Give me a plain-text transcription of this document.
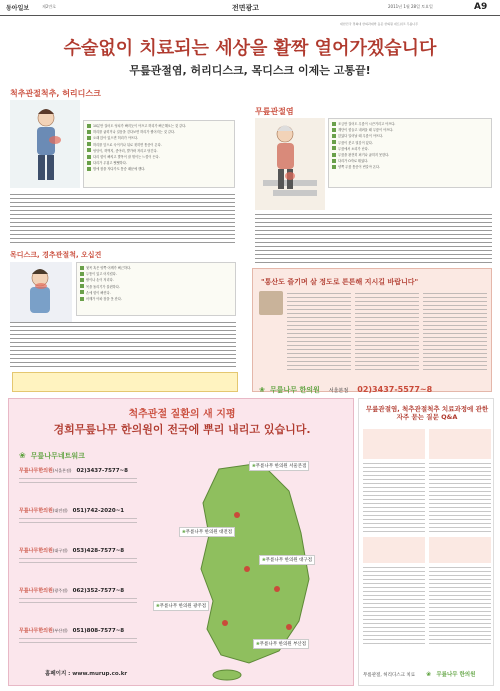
동아일보	제2만호	전면광고	2011년 1월 28일 토요일	A9
대한민국 경희대 한의과대학 동문 한의원 네트워크 무릎나무
수술없이 치료되는 세상을 활짝 열어가겠습니다
무릎관절염, 허리디스크, 목디스크 이제는 고통끝!
척추관절척추, 허리디스크
10분만 걸어도 엉치가 빠지듯이 아프고 허리가 뻐근해오는 것 같다.
허리를 굽히거나 걸음을 걷다보면 허리가 찢어지는 것 같다.
오래 앉아 있으면 허리가 아프다.
허리를 앞으로 숙이거나 뒤로 젖히면 통증이 온다.
엉덩이, 허벅지, 종아리, 발가락 저리고 당긴다.
다리 힘이 빠지고 발목이 잘 꺾이는 느낌이 든다.
다리가 무겁고 뻣뻣하다.
밤에 잠을 자다가도 통증 때문에 깬다.
무릎관절염
조금만 걸어도 무릎이 시큰거리고 아프다.
계단이 힘들고 내려올 때 무릎이 아프다.
앉았다 일어날 때 무릎이 아프다.
무릎이 붓고 열감이 있다.
무릎에서 소리가 난다.
무릎을 완전히 펴거나 굽히지 못한다.
다리가 O자로 휘었다.
양쪽 무릎 통증이 번갈아 온다.
목디스크, 경추관절척, 오십견
뒷목 혹은 양쪽 어깨가 뻐근하다.
두통이 있고 어지럽다.
팔이나 손이 저리다.
목을 돌리기가 불편하다.
손에 힘이 빠진다.
어깨가 아파 잠을 못 잔다.
"통산도 즐기며 살 정도로 튼튼해 지시길 바랍니다"
❀ 무릎나무 한의원 서울본점 02)3437-5577~8
척추관절 질환의 새 지평
경희무릎나무 한의원이 전국에 뿌리 내리고 있습니다.
❀ 무릎나무네트워크
무릎나무한의원(서울본점) 02)3437-7577~8
무릎나무한의원(대전점) 051)742-2020~1
무릎나무한의원(대구점) 053)428-7577~8
무릎나무한의원(광주점) 062)352-7577~8
무릎나무한의원(부산점) 051)808-7577~8
홈페이지 : www.murup.co.kr
❀무릎나무 한의원 서울본점
❀무릎나무 한의원 대전점
❀무릎나무 한의원 대구점
❀무릎나무 한의원 광주점
❀무릎나무 한의원 부산점
무릎관절염, 척추관절척추 치료과정에 관한 자주 묻는 질문 Q&A
무릎관절, 허리디스크 치료 ❀ 무릎나무 한의원
